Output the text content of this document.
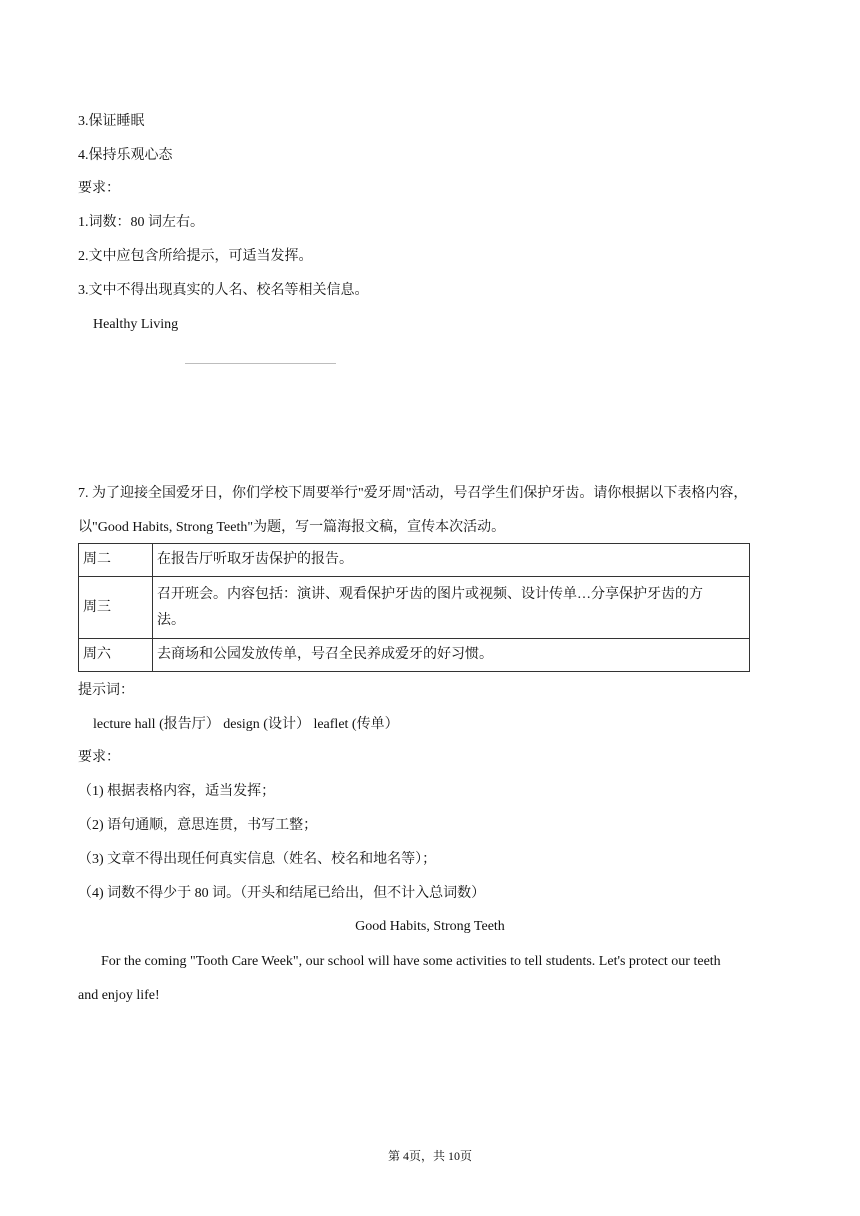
3.保证睡眠
4.保持乐观心态
要求：
1.词数：80 词左右。
2.文中应包含所给提示，可适当发挥。
3.文中不得出现真实的人名、校名等相关信息。
Healthy Living
7. 为了迎接全国爱牙日，你们学校下周要举行"爱牙周"活动，号召学生们保护牙齿。请你根据以下表格内容，
以"Good Habits, Strong Teeth"为题，写一篇海报文稿，宣传本次活动。
周二	在报告厅听取牙齿保护的报告。
周三	召开班会。内容包括：演讲、观看保护牙齿的图片或视频、设计传单…分享保护牙齿的方
法。

周六	去商场和公园发放传单，号召全民养成爱牙的好习惯。
提示词：
lecture hall (报告厅） design (设计） leaflet (传单）
要求：
（1) 根据表格内容，适当发挥；
（2) 语句通顺，意思连贯，书写工整；
（3) 文章不得出现任何真实信息（姓名、校名和地名等）；
（4) 词数不得少于 80 词。（开头和结尾已给出，但不计入总词数）
Good Habits, Strong Teeth
For the coming "Tooth Care Week", our school will have some activities to tell students. Let's protect our teeth
and enjoy life!
第 4页，共 10页
